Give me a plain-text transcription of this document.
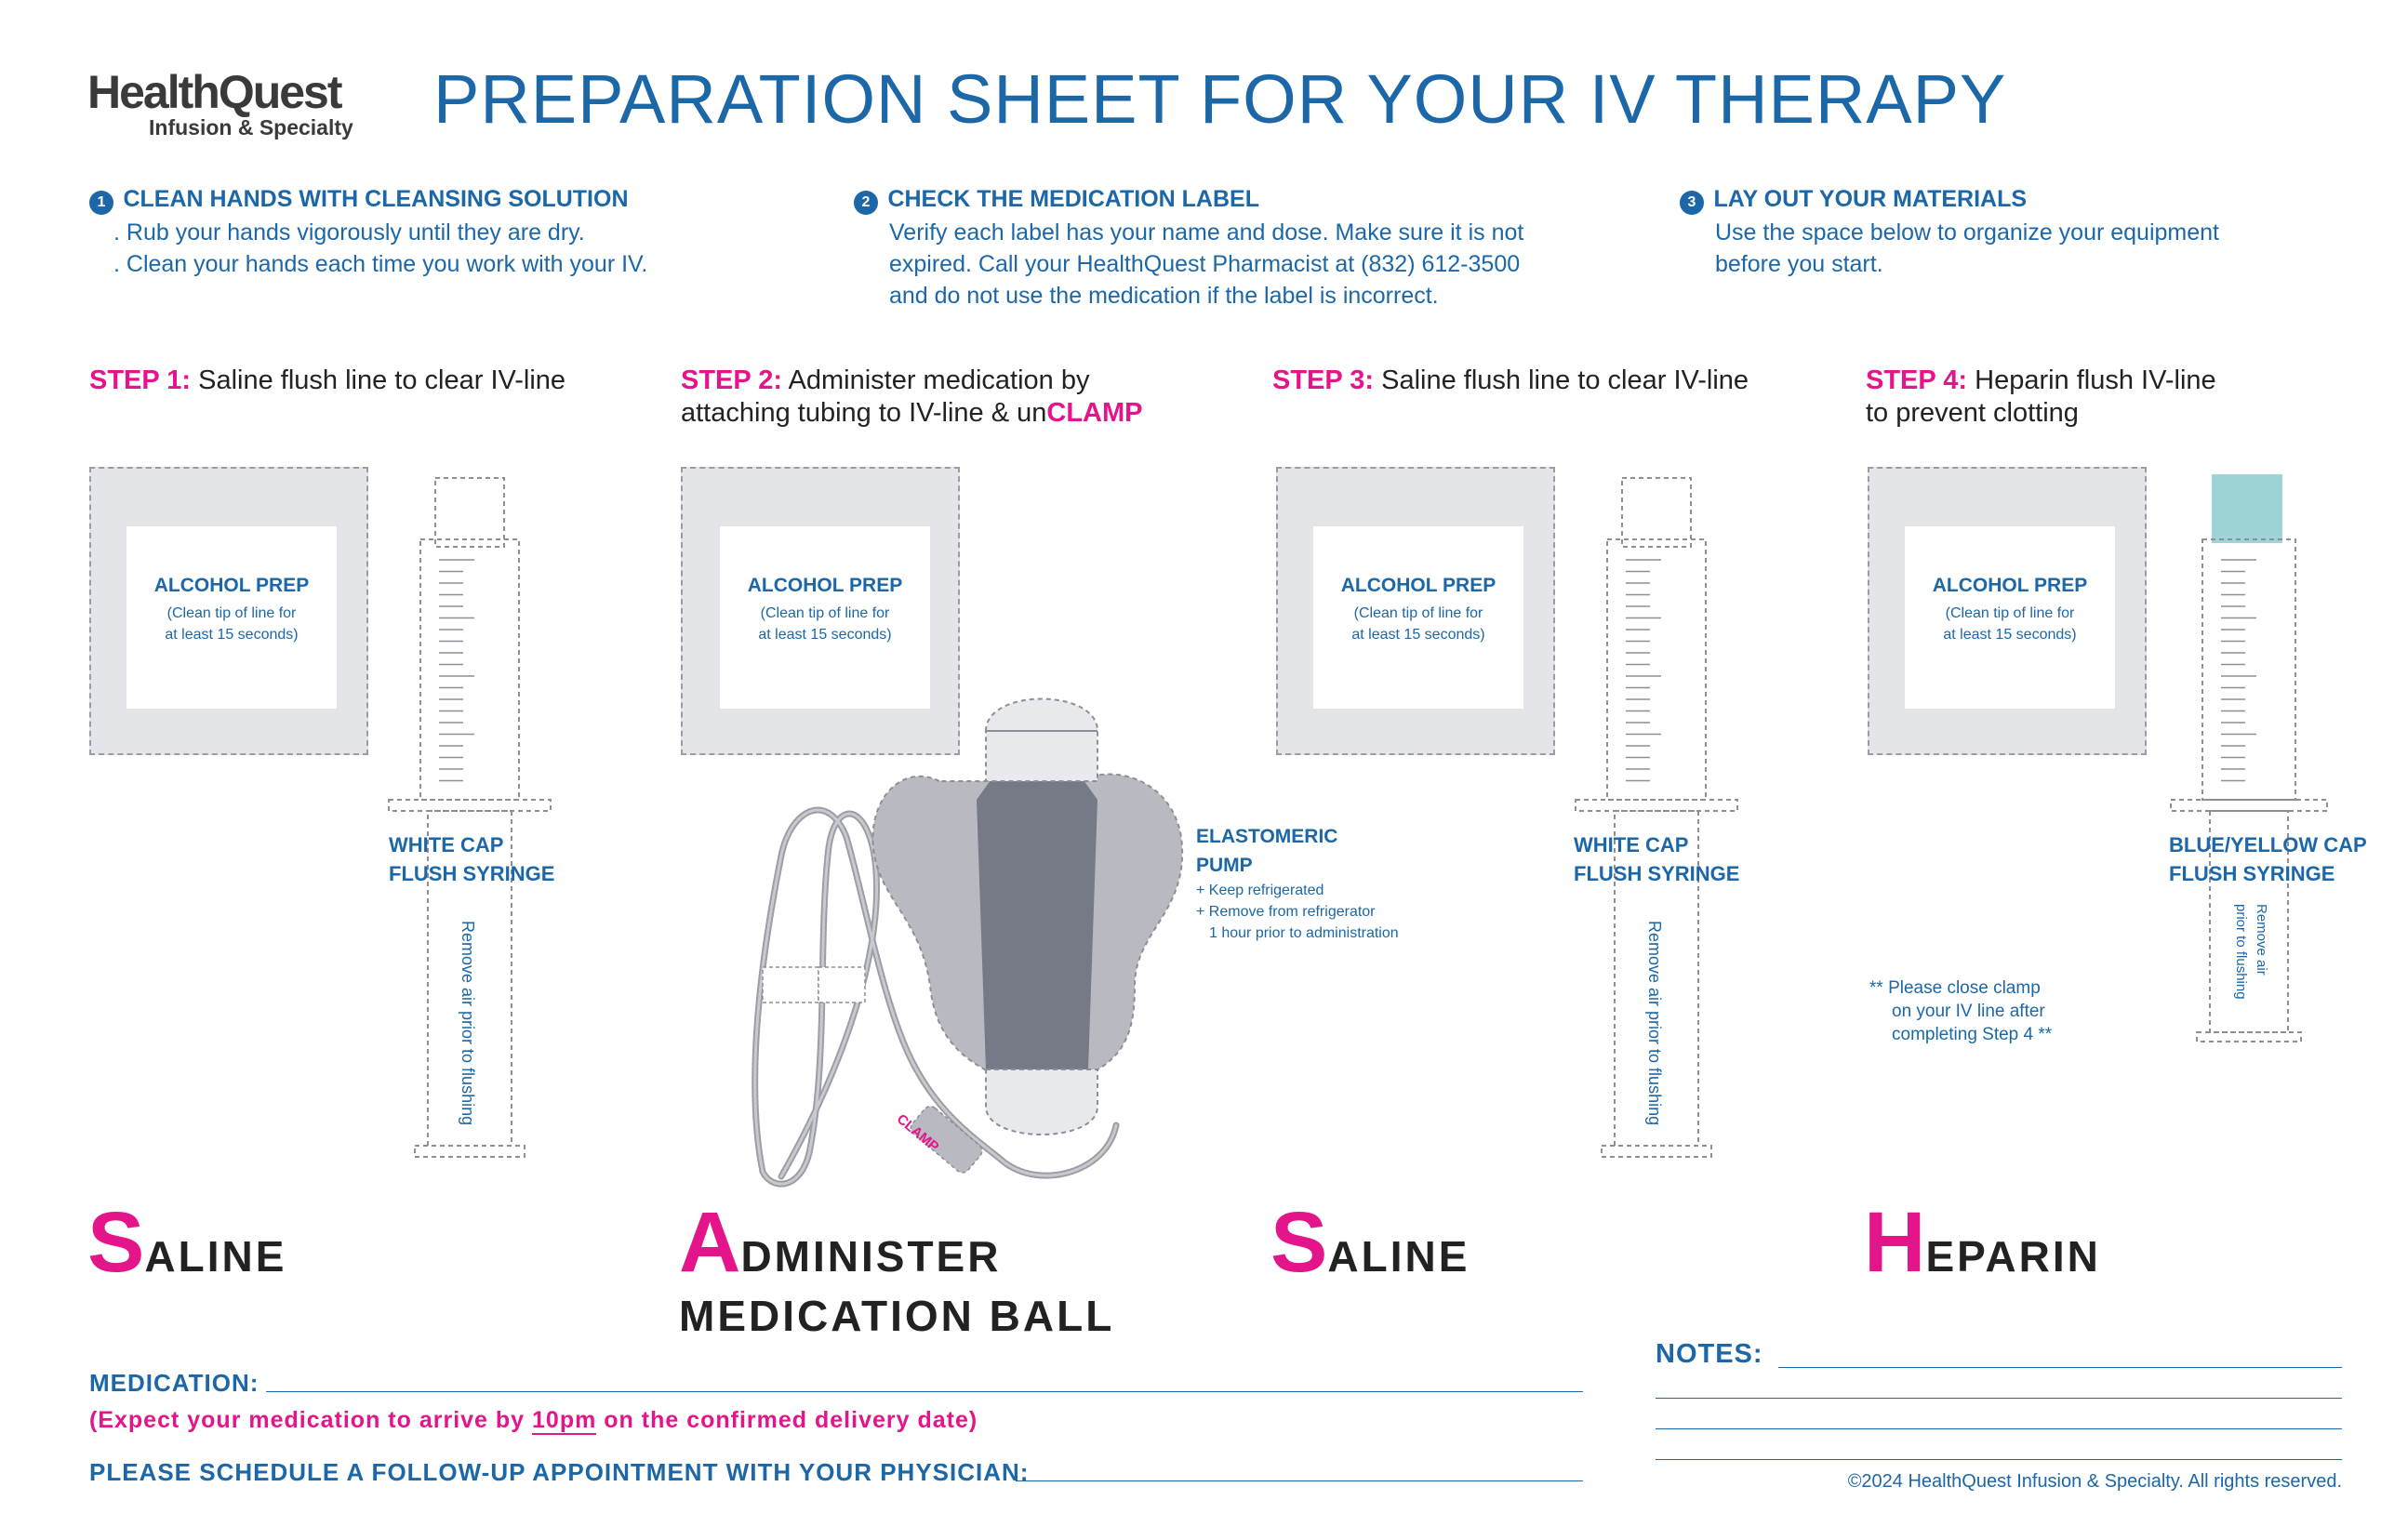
HealthQuest
Infusion & Specialty PREPARATION SHEET FOR YOUR IV THERAPY
1 CLEAN HANDS WITH CLEANSING SOLUTION
. Rub your hands vigorously until they are dry.
. Clean your hands each time you work with your IV.
2 CHECK THE MEDICATION LABEL
Verify each label has your name and dose. Make sure it is not
expired. Call your HealthQuest Pharmacist at (832) 612-3500
and do not use the medication if the label is incorrect.
3 LAY OUT YOUR MATERIALS
Use the space below to organize your equipment
before you start.
STEP 1: Saline flush line to clear IV-line	STEP 2: Administer medication by
attaching tubing to IV-line & unCLAMP
STEP 3: Saline flush line to clear IV-line	STEP 4: Heparin flush IV-line
to prevent clotting
ALCOHOL PREP
(Clean tip of line for
at least 15 seconds)
ALCOHOL PREP
(Clean tip of line for
at least 15 seconds)
ALCOHOL PREP
(Clean tip of line for
at least 15 seconds)
ALCOHOL PREP
(Clean tip of line for
at least 15 seconds)
WHITE CAP
FLUSH SYRINGE
Remove air prior to flushing
WHITE CAP
FLUSH SYRINGE
Remove air prior to flushing
BLUE/YELLOW CAP
FLUSH SYRINGE
Remove air
prior to flushing
** Please close clamp
on your IV line after
completing Step 4 **
CLAMP
ELASTOMERIC
PUMP
+ Keep refrigerated
+ Remove from refrigerator
1 hour prior to administration
SALINE	ADMINISTER
MEDICATION BALL
SALINE	HEPARIN
MEDICATION:
(Expect your medication to arrive by 10pm on the confirmed delivery date)
PLEASE SCHEDULE A FOLLOW-UP APPOINTMENT WITH YOUR PHYSICIAN:
NOTES:
©2024 HealthQuest Infusion & Specialty. All rights reserved.
